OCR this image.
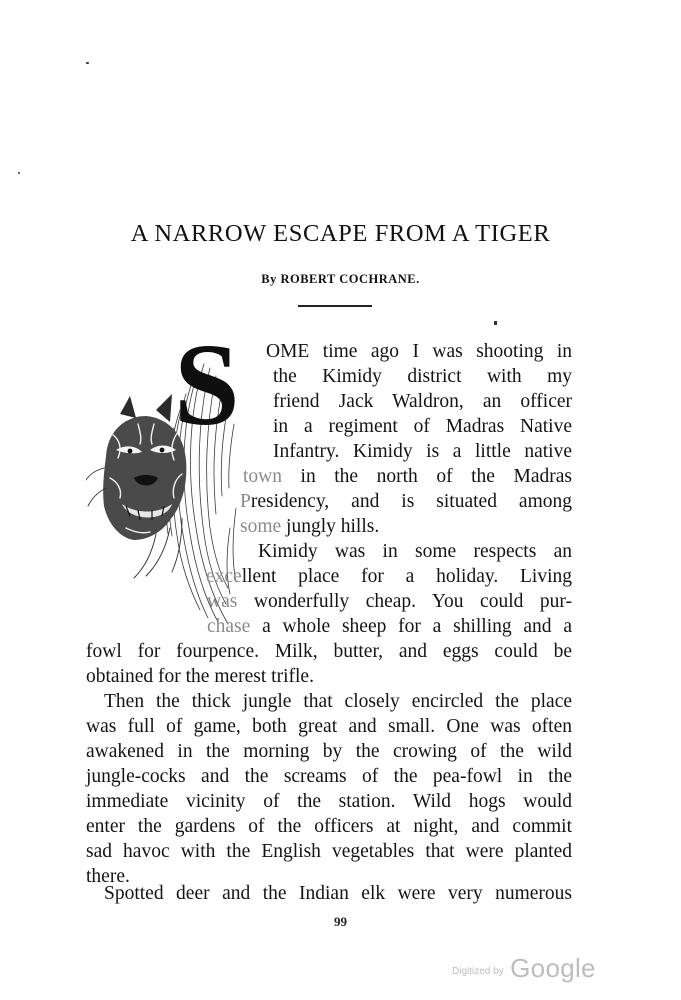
A NARROW ESCAPE FROM A TIGER
By ROBERT COCHRANE.
S OME time ago I was shooting in
the Kimidy district with my
friend Jack Waldron, an officer
in a regiment of Madras Native
Infantry. Kimidy is a little native
town in the north of the Madras
Presidency, and is situated among
some jungly hills.
Kimidy was in some respects an
excellent place for a holiday. Living
was wonderfully cheap. You could pur-
chase a whole sheep for a shilling and a
fowl for fourpence. Milk, butter, and eggs could be
obtained for the merest trifle.
Then the thick jungle that closely encircled the place
was full of game, both great and small. One was often
awakened in the morning by the crowing of the wild
jungle-cocks and the screams of the pea-fowl in the
immediate vicinity of the station. Wild hogs would
enter the gardens of the officers at night, and commit
sad havoc with the English vegetables that were planted
there.
Spotted deer and the Indian elk were very numerous
99
Digitized by Google
